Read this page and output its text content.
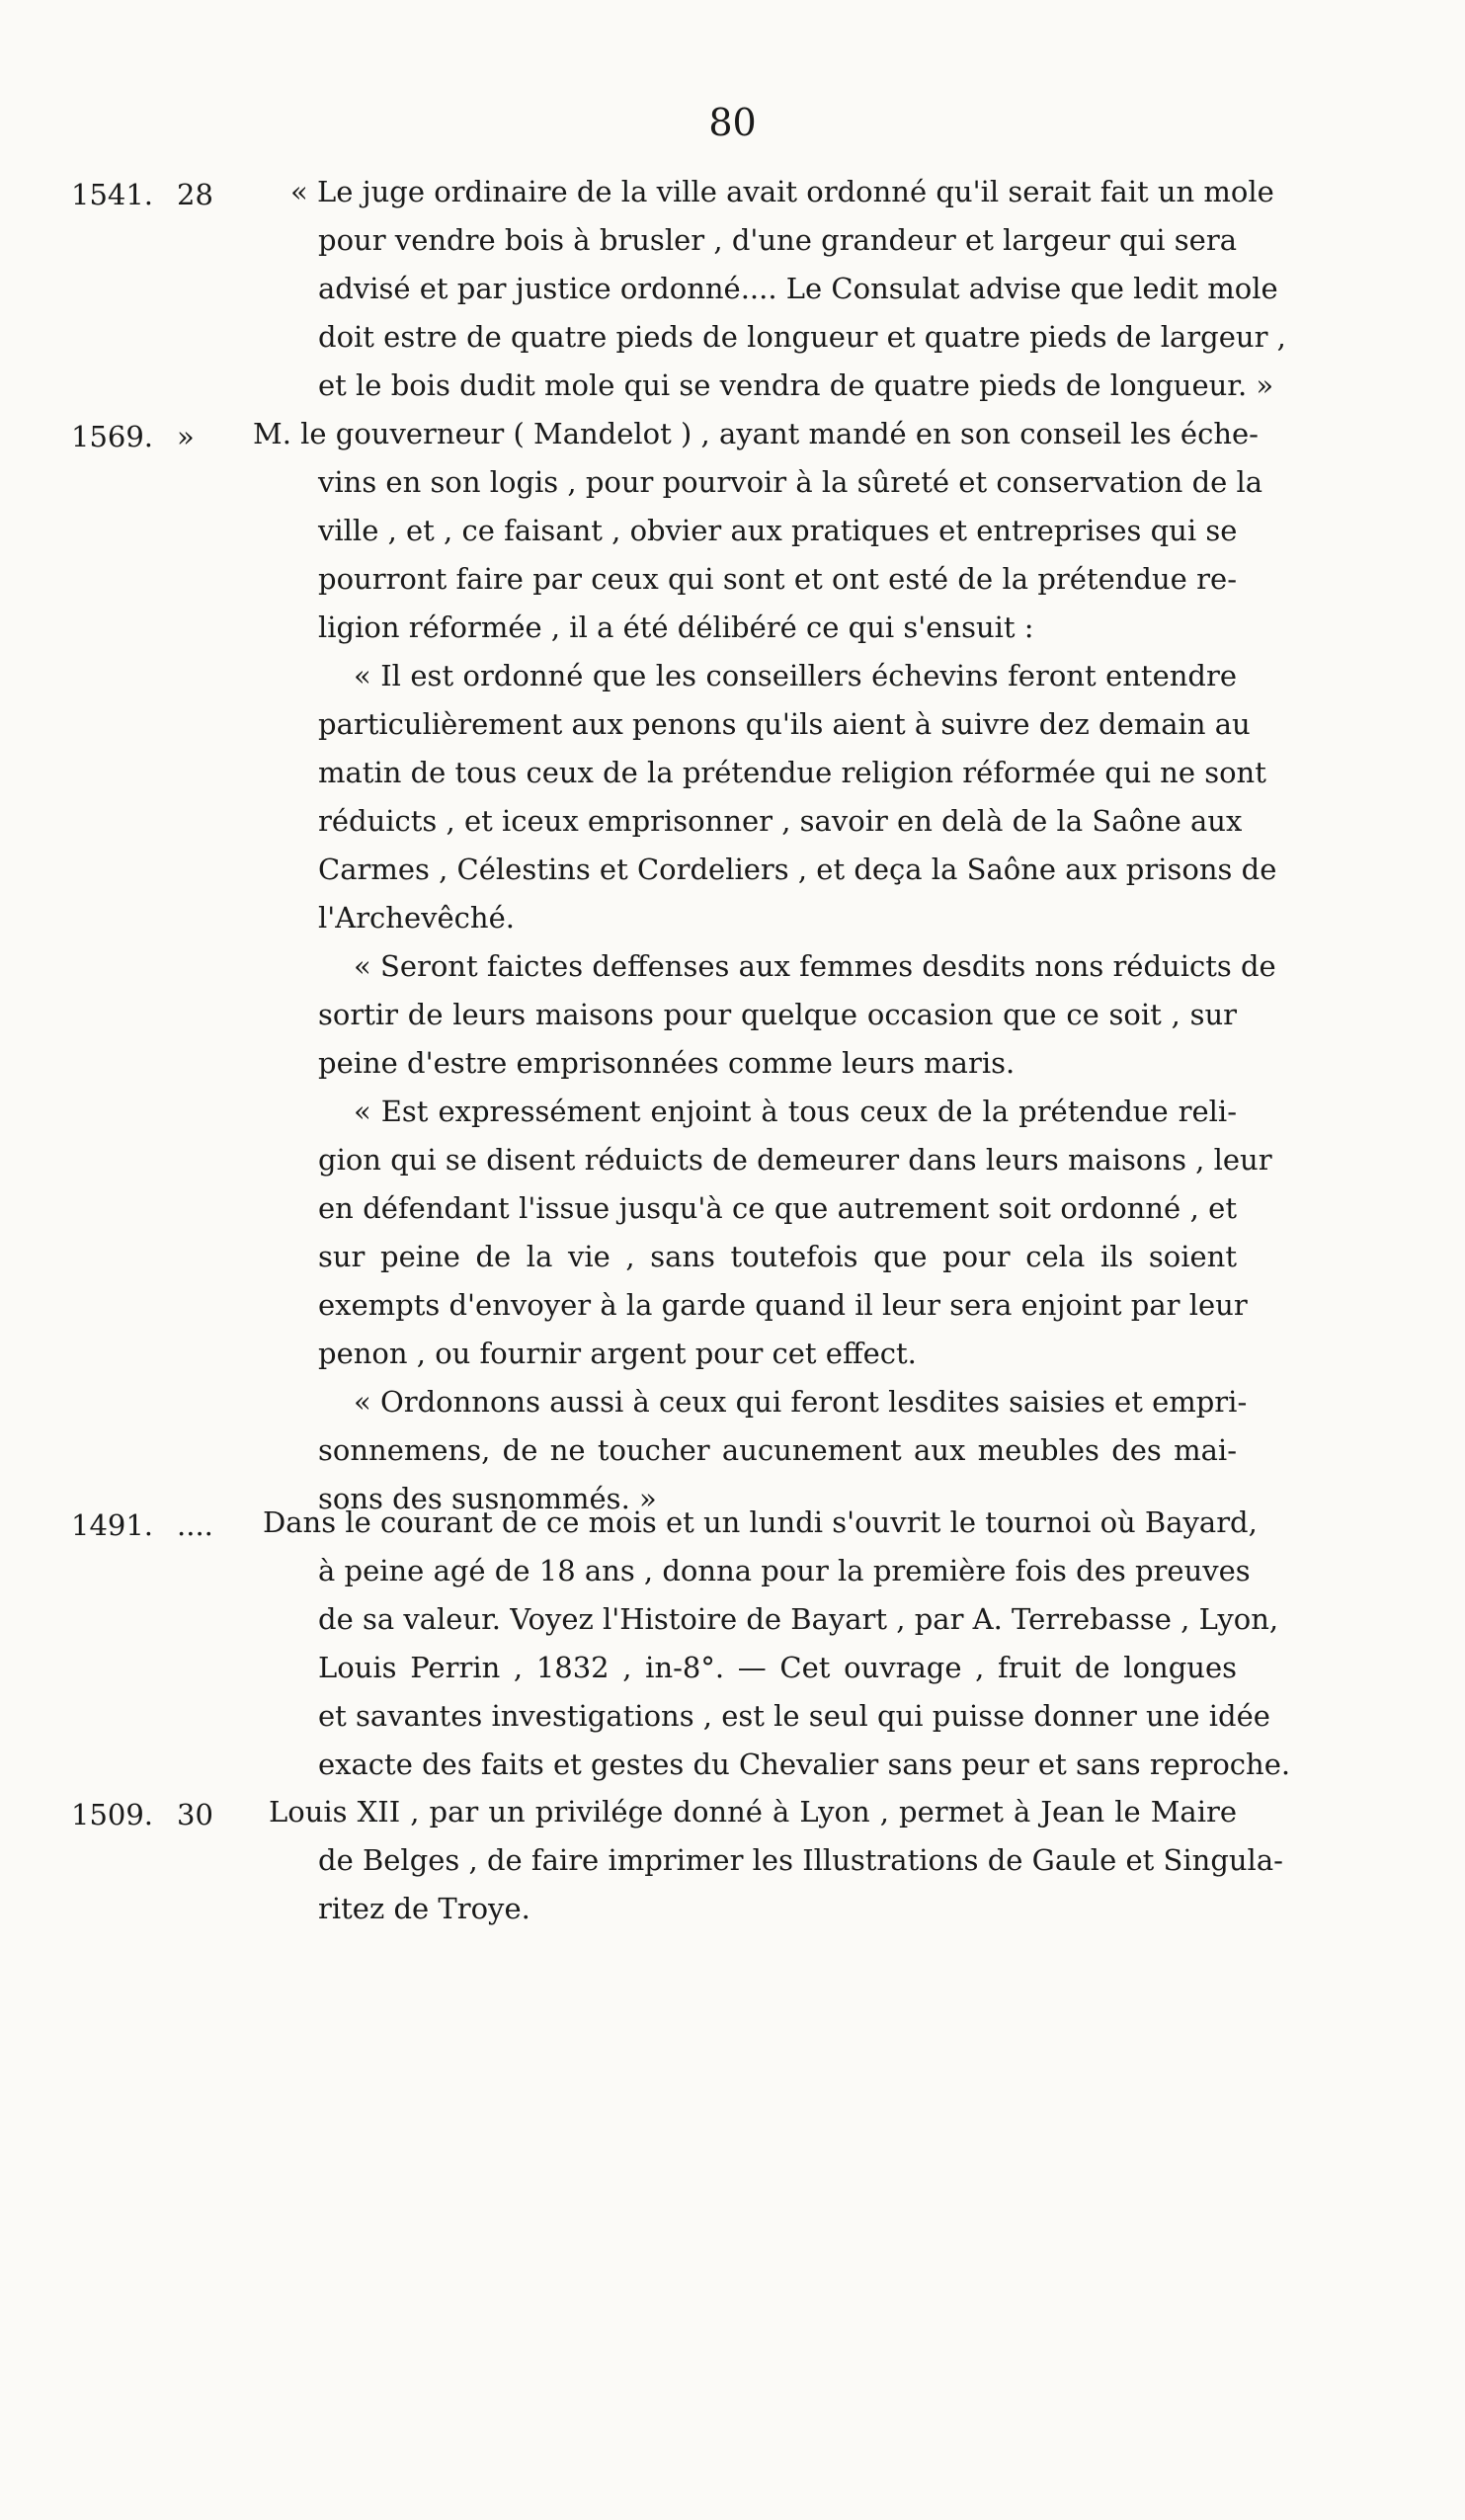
80
1541. 28	« Le juge ordinaire de la ville avait ordonné qu'il serait fait un mole
pour vendre bois à brusler , d'une grandeur et largeur qui sera
advisé et par justice ordonné.... Le Consulat advise que ledit mole
doit estre de quatre pieds de longueur et quatre pieds de largeur ,
et le bois dudit mole qui se vendra de quatre pieds de longueur. »
1569. » M. le gouverneur ( Mandelot ) , ayant mandé en son conseil les éche-
vins en son logis , pour pourvoir à la sûreté et conservation de la
ville , et , ce faisant , obvier aux pratiques et entreprises qui se
pourront faire par ceux qui sont et ont esté de la prétendue re-
ligion réformée , il a été délibéré ce qui s'ensuit :
« Il est ordonné que les conseillers échevins feront entendre
particulièrement aux penons qu'ils aient à suivre dez demain au
matin de tous ceux de la prétendue religion réformée qui ne sont
réduicts , et iceux emprisonner , savoir en delà de la Saône aux
Carmes , Célestins et Cordeliers , et deça la Saône aux prisons de
l'Archevêché.
« Seront faictes deffenses aux femmes desdits nons réduicts de
sortir de leurs maisons pour quelque occasion que ce soit , sur
peine d'estre emprisonnées comme leurs maris.
« Est expressément enjoint à tous ceux de la prétendue reli-
gion qui se disent réduicts de demeurer dans leurs maisons , leur
en défendant l'issue jusqu'à ce que autrement soit ordonné , et
sur peine de la vie , sans toutefois que pour cela ils soient
exempts d'envoyer à la garde quand il leur sera enjoint par leur
penon , ou fournir argent pour cet effect.
« Ordonnons aussi à ceux qui feront lesdites saisies et empri-
sonnemens, de ne toucher aucunement aux meubles des mai-
sons des susnommés. »
1491. .... Dans le courant de ce mois et un lundi s'ouvrit le tournoi où Bayard,
à peine agé de 18 ans , donna pour la première fois des preuves
de sa valeur. Voyez l'Histoire de Bayart , par A. Terrebasse , Lyon,
Louis Perrin , 1832 , in-8°. — Cet ouvrage , fruit de longues
et savantes investigations , est le seul qui puisse donner une idée
exacte des faits et gestes du Chevalier sans peur et sans reproche.
1509. 30 Louis XII , par un privilége donné à Lyon , permet à Jean le Maire
de Belges , de faire imprimer les Illustrations de Gaule et Singula-
ritez de Troye.
